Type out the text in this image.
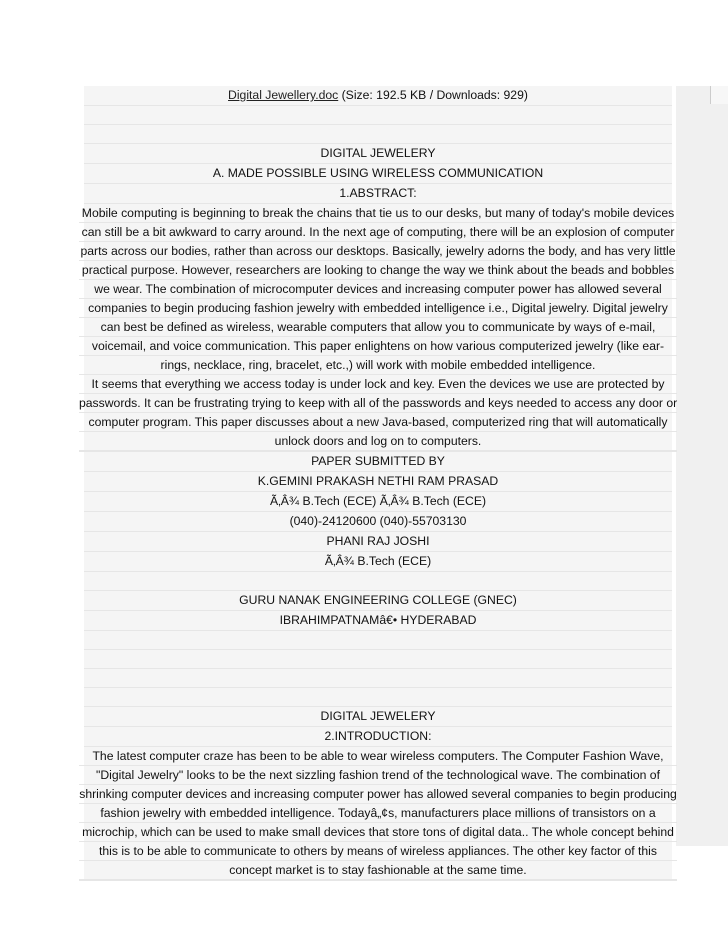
Digital Jewellery.doc (Size: 192.5 KB / Downloads: 929)
DIGITAL JEWELERY
A. MADE POSSIBLE USING WIRELESS COMMUNICATION
1.ABSTRACT:
Mobile computing is beginning to break the chains that tie us to our desks, but many of today's mobile devices
can still be a bit awkward to carry around. In the next age of computing, there will be an explosion of computer
parts across our bodies, rather than across our desktops. Basically, jewelry adorns the body, and has very little
practical purpose. However, researchers are looking to change the way we think about the beads and bobbles
we wear. The combination of microcomputer devices and increasing computer power has allowed several
companies to begin producing fashion jewelry with embedded intelligence i.e., Digital jewelry. Digital jewelry
can best be defined as wireless, wearable computers that allow you to communicate by ways of e-mail,
voicemail, and voice communication. This paper enlightens on how various computerized jewelry (like ear-
rings, necklace, ring, bracelet, etc.,) will work with mobile embedded intelligence.
It seems that everything we access today is under lock and key. Even the devices we use are protected by
passwords. It can be frustrating trying to keep with all of the passwords and keys needed to access any door or
computer program. This paper discusses about a new Java-based, computerized ring that will automatically
unlock doors and log on to computers.
PAPER SUBMITTED BY
K.GEMINI PRAKASH NETHI RAM PRASAD
Ã‚Â¾ B.Tech (ECE) Ã‚Â¾ B.Tech (ECE)
(040)-24120600 (040)-55703130
PHANI RAJ JOSHI
Ã‚Â¾ B.Tech (ECE)
GURU NANAK ENGINEERING COLLEGE (GNEC)
IBRAHIMPATNAMâ€• HYDERABAD
DIGITAL JEWELERY
2.INTRODUCTION:
The latest computer craze has been to be able to wear wireless computers. The Computer Fashion Wave,
"Digital Jewelry" looks to be the next sizzling fashion trend of the technological wave. The combination of
shrinking computer devices and increasing computer power has allowed several companies to begin producing
fashion jewelry with embedded intelligence. Todayâ„¢s, manufacturers place millions of transistors on a
microchip, which can be used to make small devices that store tons of digital data.. The whole concept behind
this is to be able to communicate to others by means of wireless appliances. The other key factor of this
concept market is to stay fashionable at the same time.
